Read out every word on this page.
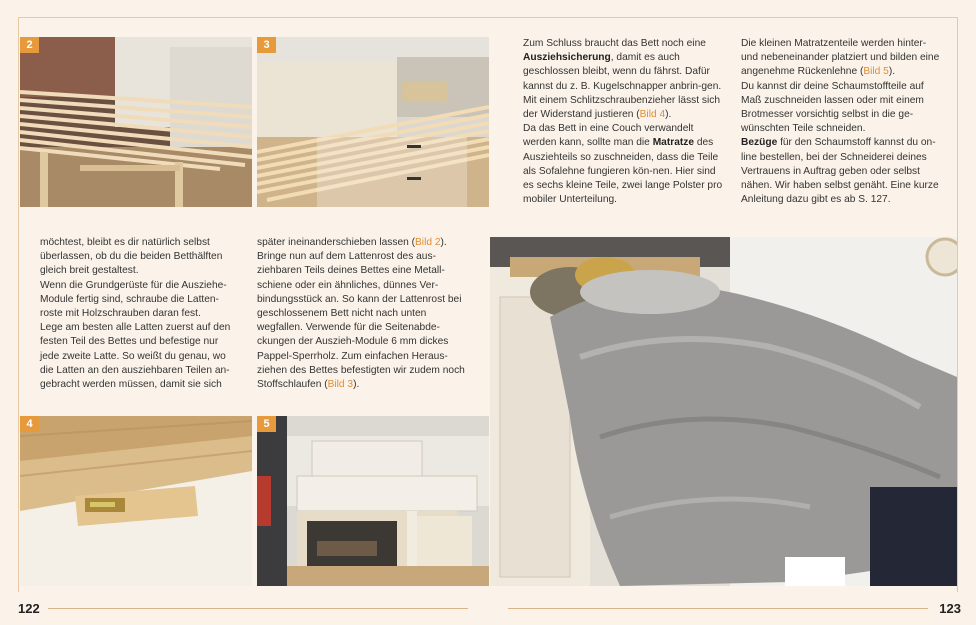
2	3	Zum Schluss braucht das Bett noch eine Ausziehsicherung, damit es auch geschlossen bleibt, wenn du fährst. Dafür kannst du z. B. Kugelschnapper anbrin-gen. Mit einem Schlitzschraubenzieher lässt sich der Widerstand justieren (Bild 4).

Da das Bett in eine Couch verwandelt werden kann, sollte man die Matratze des Ausziehteils so zuschneiden, dass die Teile als Sofalehne fungieren kön-nen. Hier sind es sechs kleine Teile, zwei lange Polster pro mobiler Unterteilung.

Die kleinen Matratzenteile werden hinter- und nebeneinander platziert und bilden eine angenehme Rückenlehne (Bild 5).

Du kannst dir deine Schaumstoffteile auf Maß zuschneiden lassen oder mit einem Brotmesser vorsichtig selbst in die ge-wünschten Teile schneiden.

Bezüge für den Schaumstoff kannst du on-line bestellen, bei der Schneiderei deines Vertrauens in Auftrag geben oder selbst nähen. Wir haben selbst genäht. Eine kurze Anleitung dazu gibt es ab S. 127.

möchtest, bleibt es dir natürlich selbst überlassen, ob du die beiden Betthälften gleich breit gestaltest.

Wenn die Grundgerüste für die Ausziehe-Module fertig sind, schraube die Latten-roste mit Holzschrauben daran fest.

Lege am besten alle Latten zuerst auf den festen Teil des Bettes und befestige nur jede zweite Latte. So weißt du genau, wo die Latten an den ausziehbaren Teilen an-gebracht werden müssen, damit sie sich

später ineinanderschieben lassen (Bild 2).

Bringe nun auf dem Lattenrost des aus-ziehbaren Teils deines Bettes eine Metall-schiene oder ein ähnliches, dünnes Ver-bindungsstück an. So kann der Lattenrost bei geschlossenem Bett nicht nach unten wegfallen. Verwende für die Seitenabde-ckungen der Auszieh-Module 6 mm dickes Pappel-Sperrholz. Zum einfachen Heraus-ziehen des Bettes befestigten wir zudem noch Stoffschlaufen (Bild 3).

4	5
122	123
